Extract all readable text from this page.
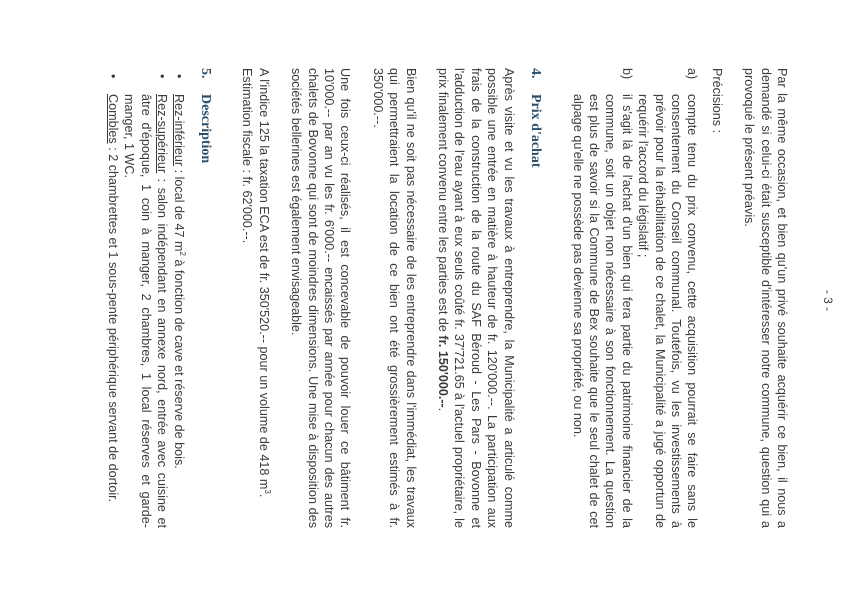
- 3 -

Par la même occasion, et bien qu'un privé souhaite acquérir ce bien, il nous a demandé si celui-ci était susceptible d'intéresser notre commune, question qui a provoqué le présent préavis.

Précisions :

a)
compte tenu du prix convenu, cette acquisition pourrait se faire sans le consentement du Conseil communal. Toutefois, vu les investissements à prévoir pour la réhabilitation de ce chalet, la Municipalité a jugé opportun de requérir l'accord du législatif ;
b)
il s'agit là de l'achat d'un bien qui fera partie du patrimoine financier de la commune, soit un objet non nécessaire à son fonctionnement. La question est plus de savoir si la Commune de Bex souhaite que le seul chalet de cet alpage qu'elle ne possède pas devienne sa propriété, ou non.
4.Prix d'achat

Après visite et vu les travaux à entreprendre, la Municipalité a articulé comme possible une entrée en matière à hauteur de fr. 120'000.--. La participation aux frais de la construction de la route du SAF Béroud - Les Pars - Bovonne et l'adduction de l'eau ayant à eux seuls coûté fr. 37'721.65 à l'actuel propriétaire, le prix finalement convenu entre les parties est de fr. 150'000.--.

Bien qu'il ne soit pas nécessaire de les entreprendre dans l'immédiat, les travaux qui permettraient la location de ce bien ont été grossièrement estimés à fr. 350'000.--.

Une fois ceux-ci réalisés, il est concevable de pouvoir louer ce bâtiment fr. 10'000.-- par an vu les fr. 6'000.-- encaissés par année pour chacun des autres chalets de Bovonne qui sont de moindres dimensions. Une mise à disposition des sociétés bellerines est également envisageable.

A l'indice 125 la taxation ECA est de fr. 350'520.-- pour un volume de 418 $m^3$.

Estimation fiscale : fr. 62'000.--.

5.Description
•
Rez-inférieur : local de 47 $m^2$ à fonction de cave et réserve de bois.
•
Rez-supérieur : salon indépendant en annexe nord, entrée avec cuisine et âtre d'époque, 1 coin à manger, 2 chambres, 1 local réserves et garde-manger, 1 WC.
•
Combles : 2 chambrettes et 1 sous-pente périphérique servant de dortoir.
